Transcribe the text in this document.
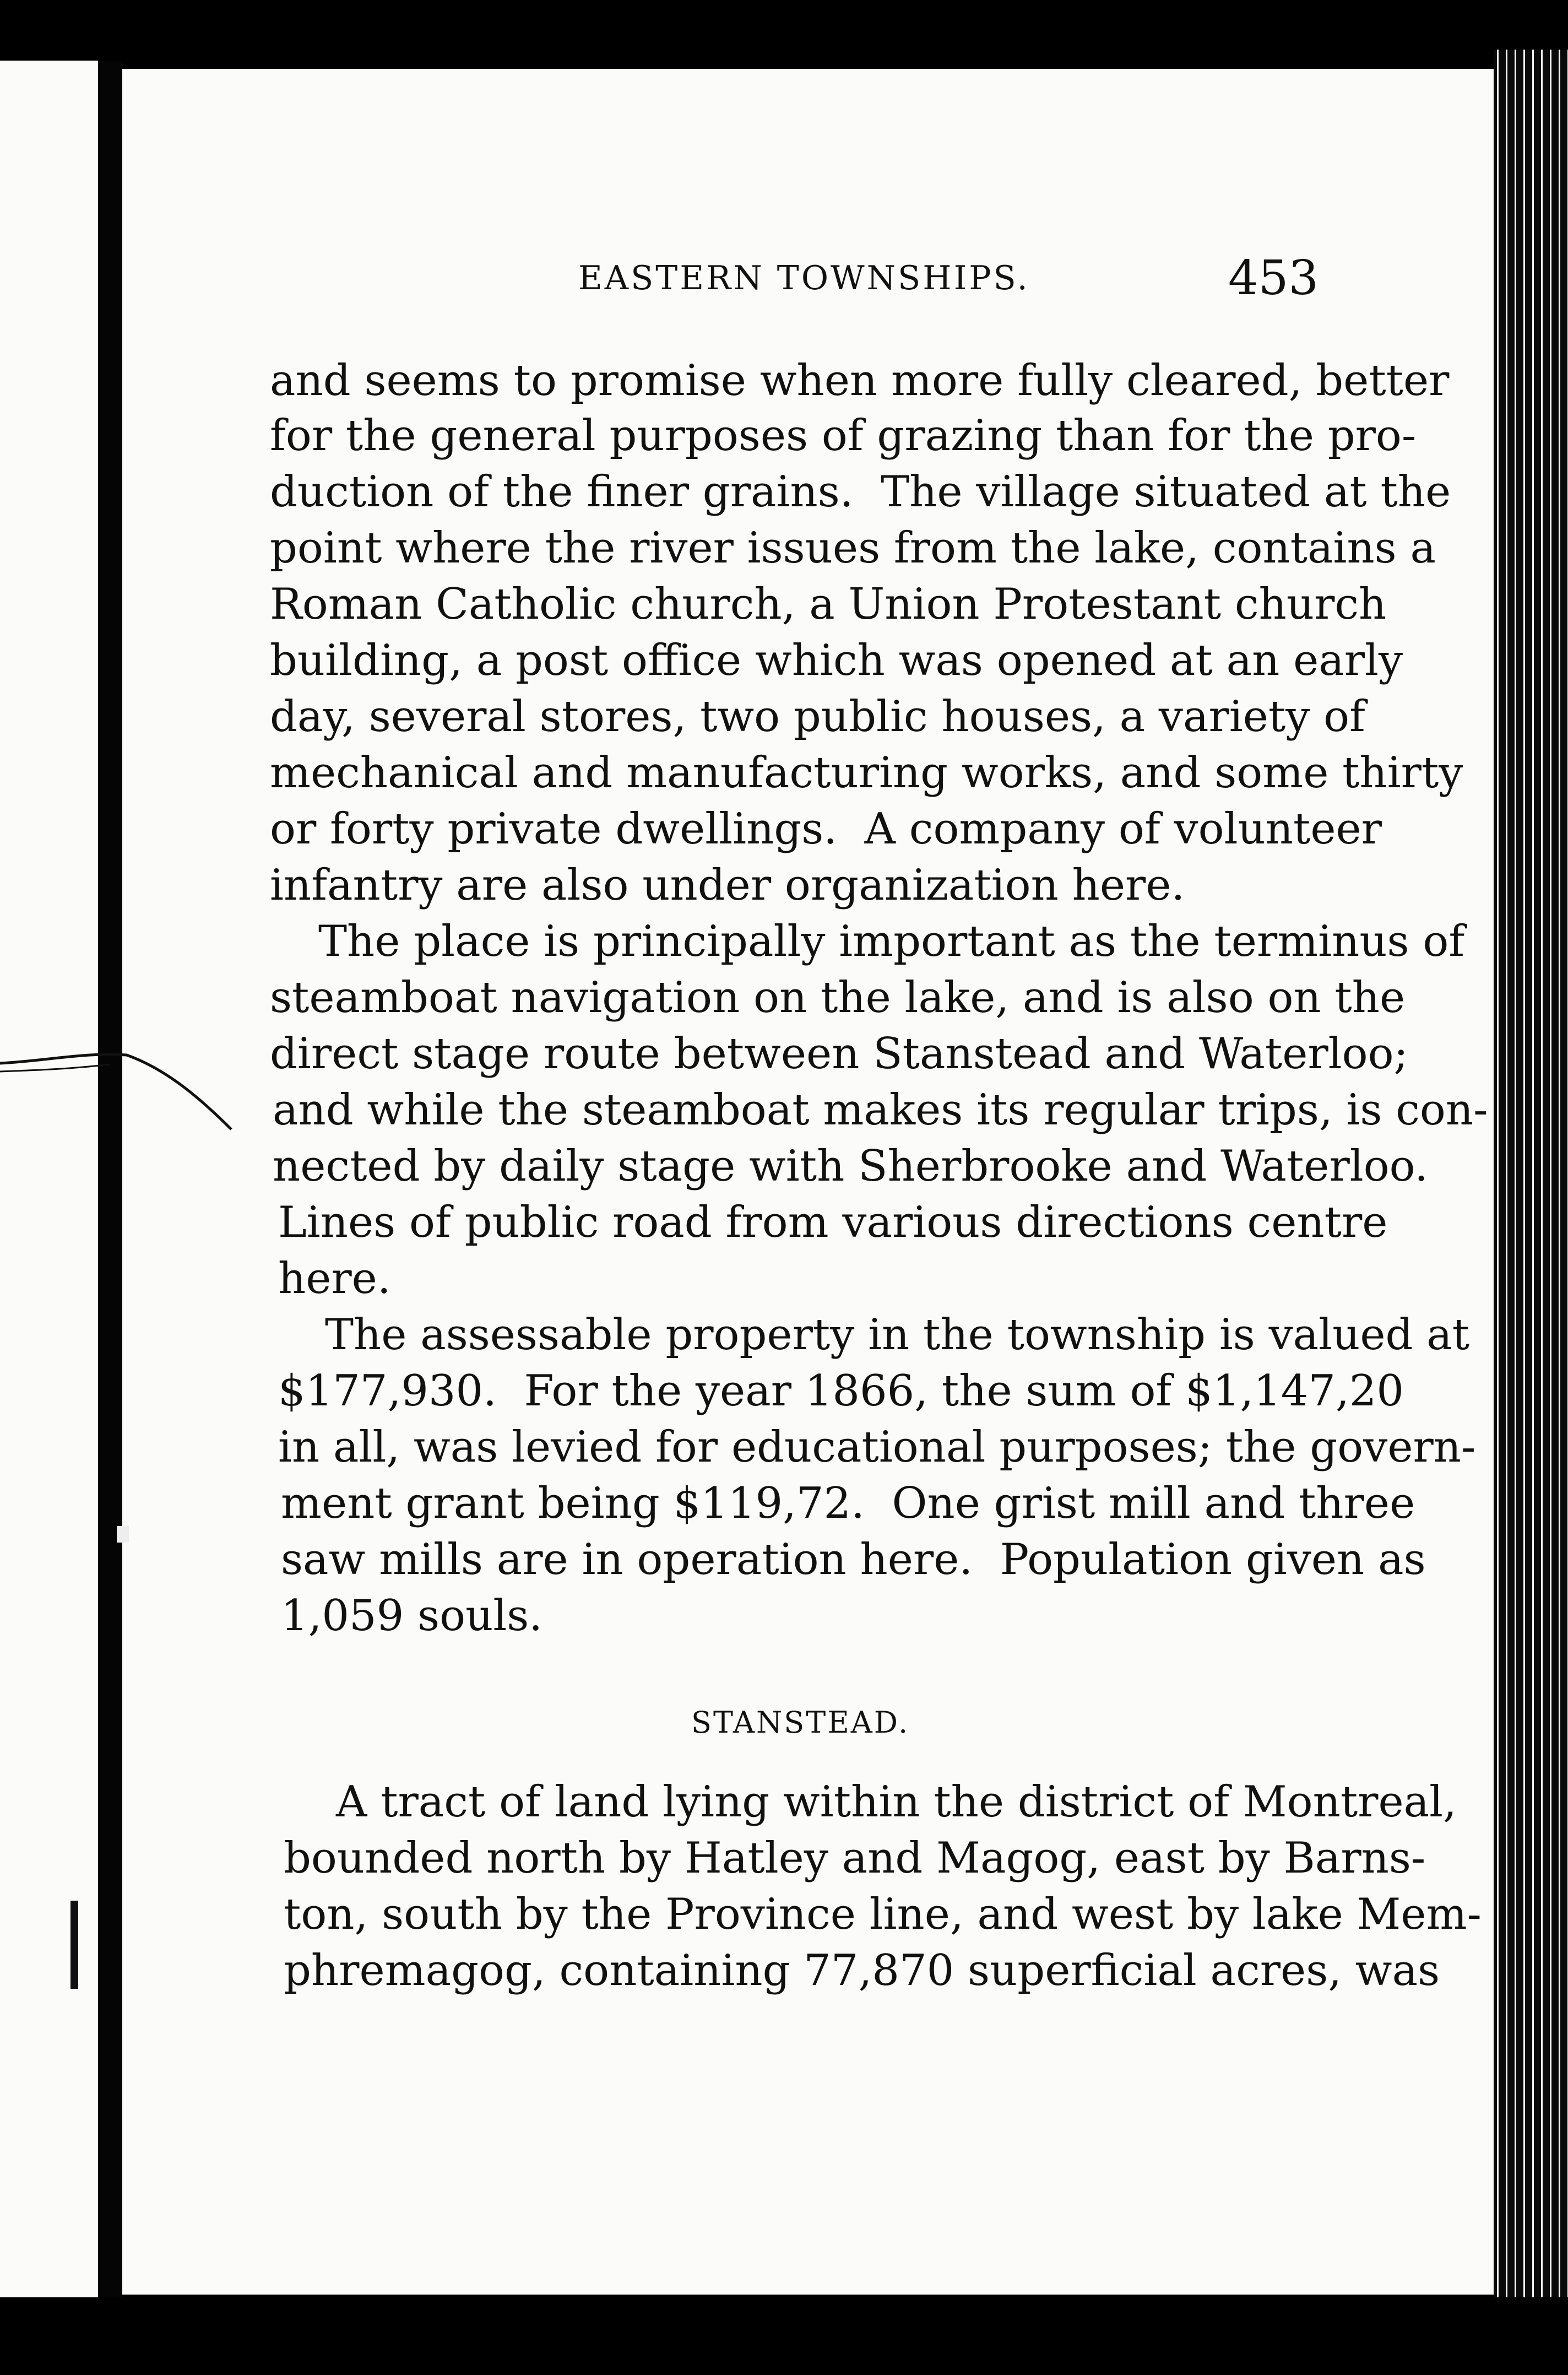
EASTERN TOWNSHIPS.	453
and seems to promise when more fully cleared, better
for the general purposes of grazing than for the pro-
duction of the finer grains.  The village situated at the
point where the river issues from the lake, contains a
Roman Catholic church, a Union Protestant church
building, a post office which was opened at an early
day, several stores, two public houses, a variety of
mechanical and manufacturing works, and some thirty
or forty private dwellings.  A company of volunteer
infantry are also under organization here.
The place is principally important as the terminus of
steamboat navigation on the lake, and is also on the
direct stage route between Stanstead and Waterloo;
and while the steamboat makes its regular trips, is con-
nected by daily stage with Sherbrooke and Waterloo.
Lines of public road from various directions centre
here.
The assessable property in the township is valued at
$177,930.  For the year 1866, the sum of $1,147,20
in all, was levied for educational purposes; the govern-
ment grant being $119,72.  One grist mill and three
saw mills are in operation here.  Population given as
1,059 souls.
STANSTEAD.
A tract of land lying within the district of Montreal,
bounded north by Hatley and Magog, east by Barns-
ton, south by the Province line, and west by lake Mem-
phremagog, containing 77,870 superficial acres, was
